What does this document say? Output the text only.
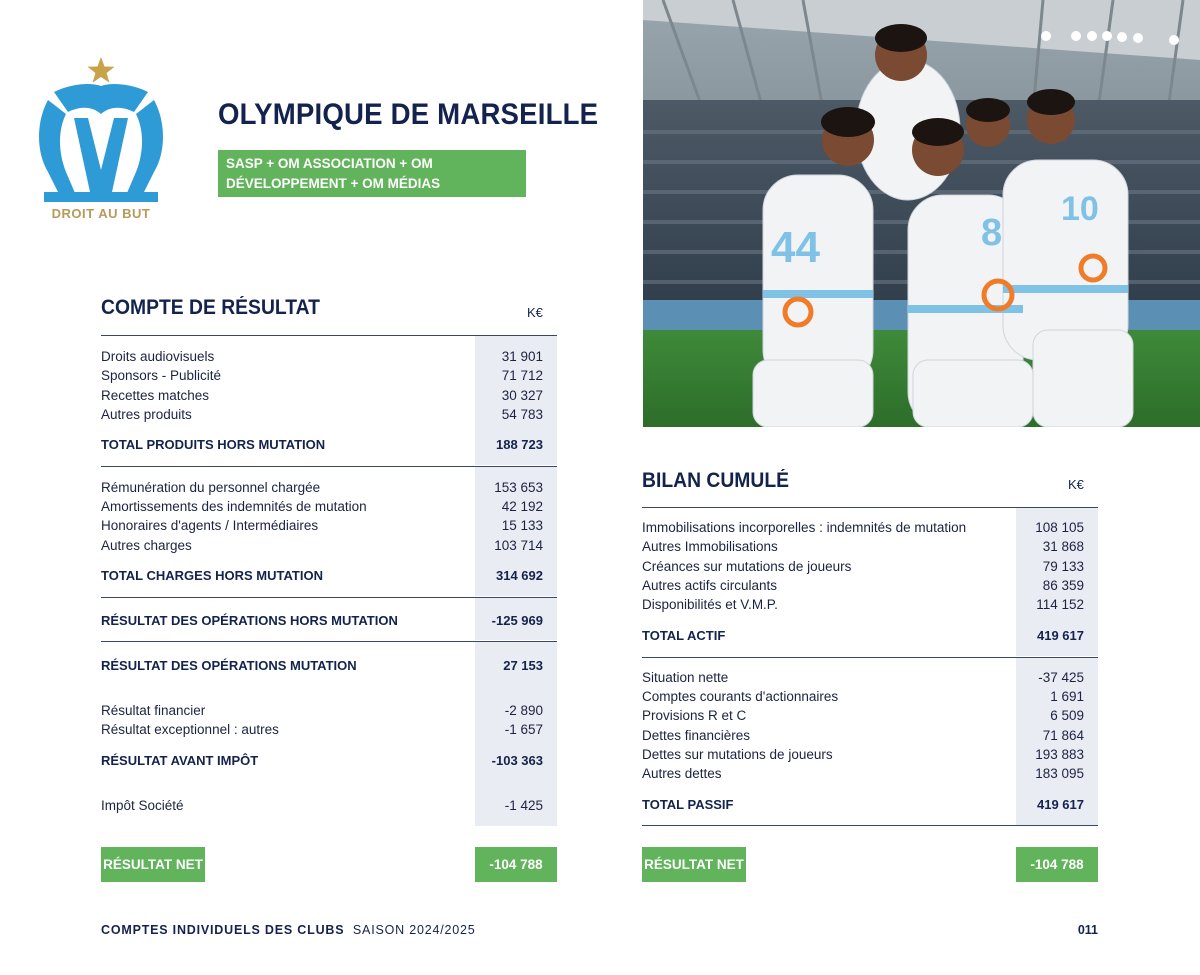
DROIT AU BUT
OLYMPIQUE DE MARSEILLE
SASP + OM ASSOCIATION + OM DÉVELOPPEMENT + OM MÉDIAS
44	8
10
COMPTE DE RÉSULTAT	K€
Droits audiovisuels	31 901
Sponsors - Publicité	71 712
Recettes matches	30 327
Autres produits	54 783
TOTAL PRODUITS HORS MUTATION	188 723
Rémunération du personnel chargée	153 653
Amortissements des indemnités de mutation	42 192
Honoraires d'agents / Intermédiaires	15 133
Autres charges	103 714
TOTAL CHARGES HORS MUTATION	314 692
RÉSULTAT DES OPÉRATIONS HORS MUTATION	-125 969
RÉSULTAT DES OPÉRATIONS MUTATION	27 153
Résultat financier	-2 890
Résultat exceptionnel : autres	-1 657
RÉSULTAT AVANT IMPÔT	-103 363
Impôt Société	-1 425
RÉSULTAT NET	-104 788
BILAN CUMULÉ	K€
Immobilisations incorporelles : indemnités de mutation	108 105
Autres Immobilisations	31 868
Créances sur mutations de joueurs	79 133
Autres actifs circulants	86 359
Disponibilités et V.M.P.	114 152
TOTAL ACTIF	419 617
Situation nette	-37 425
Comptes courants d'actionnaires	1 691
Provisions R et C	6 509
Dettes financières	71 864
Dettes sur mutations de joueurs	193 883
Autres dettes	183 095
TOTAL PASSIF	419 617
RÉSULTAT NET	-104 788
COMPTES INDIVIDUELS DES CLUBS SAISON 2024/2025	011
